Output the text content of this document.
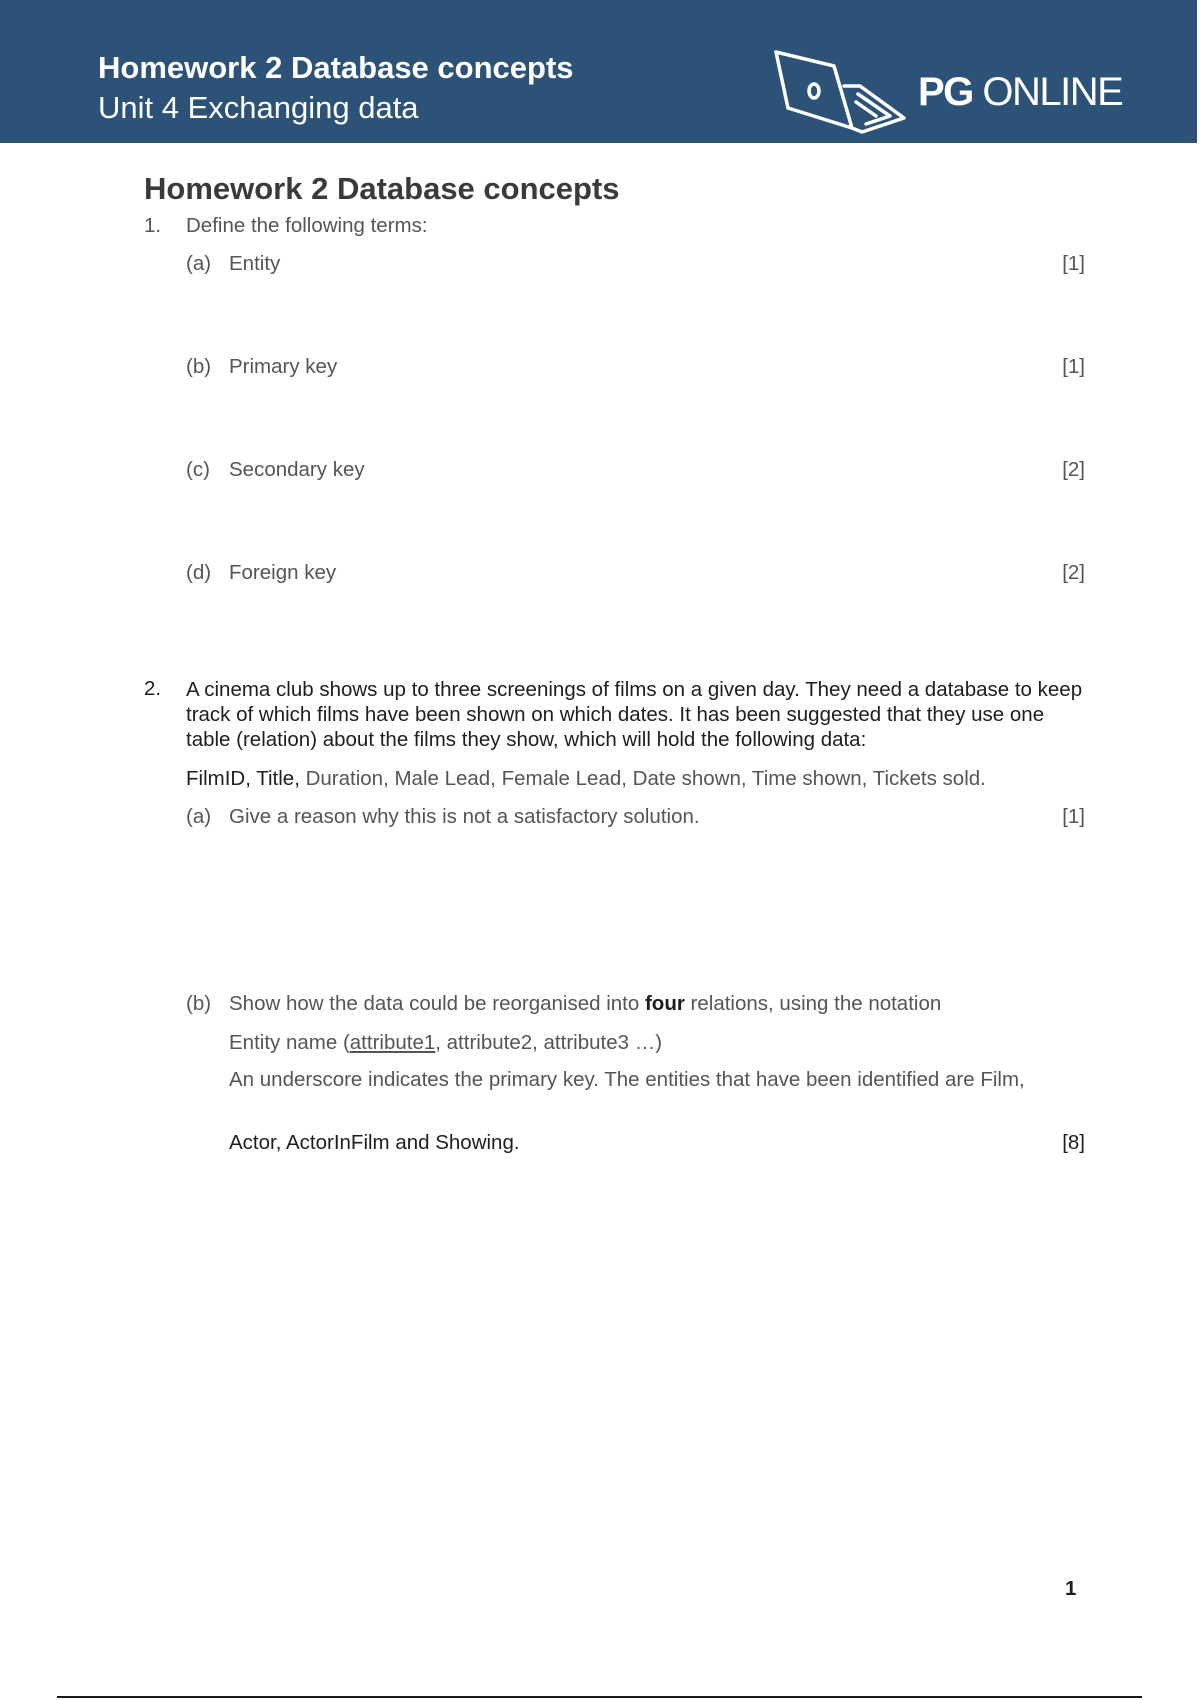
Homework 2 Database concepts
Unit 4 Exchanging data	PG ONLINE
Homework 2 Database concepts
1. Define the following terms:
(a) Entity	[1]
(b) Primary key	[1]
(c) Secondary key	[2]
(d) Foreign key	[2]
2. A cinema club shows up to three screenings of films on a given day. They need a database to keep track of which films have been shown on which dates. It has been suggested that they use one table (relation) about the films they show, which will hold the following data:
FilmID, Title, Duration, Male Lead, Female Lead, Date shown, Time shown, Tickets sold.
(a) Give a reason why this is not a satisfactory solution.	[1]
(b) Show how the data could be reorganised into four relations, using the notation
Entity name (attribute1, attribute2, attribute3 …)
An underscore indicates the primary key. The entities that have been identified are Film,
Actor, ActorInFilm and Showing.	[8]
1
